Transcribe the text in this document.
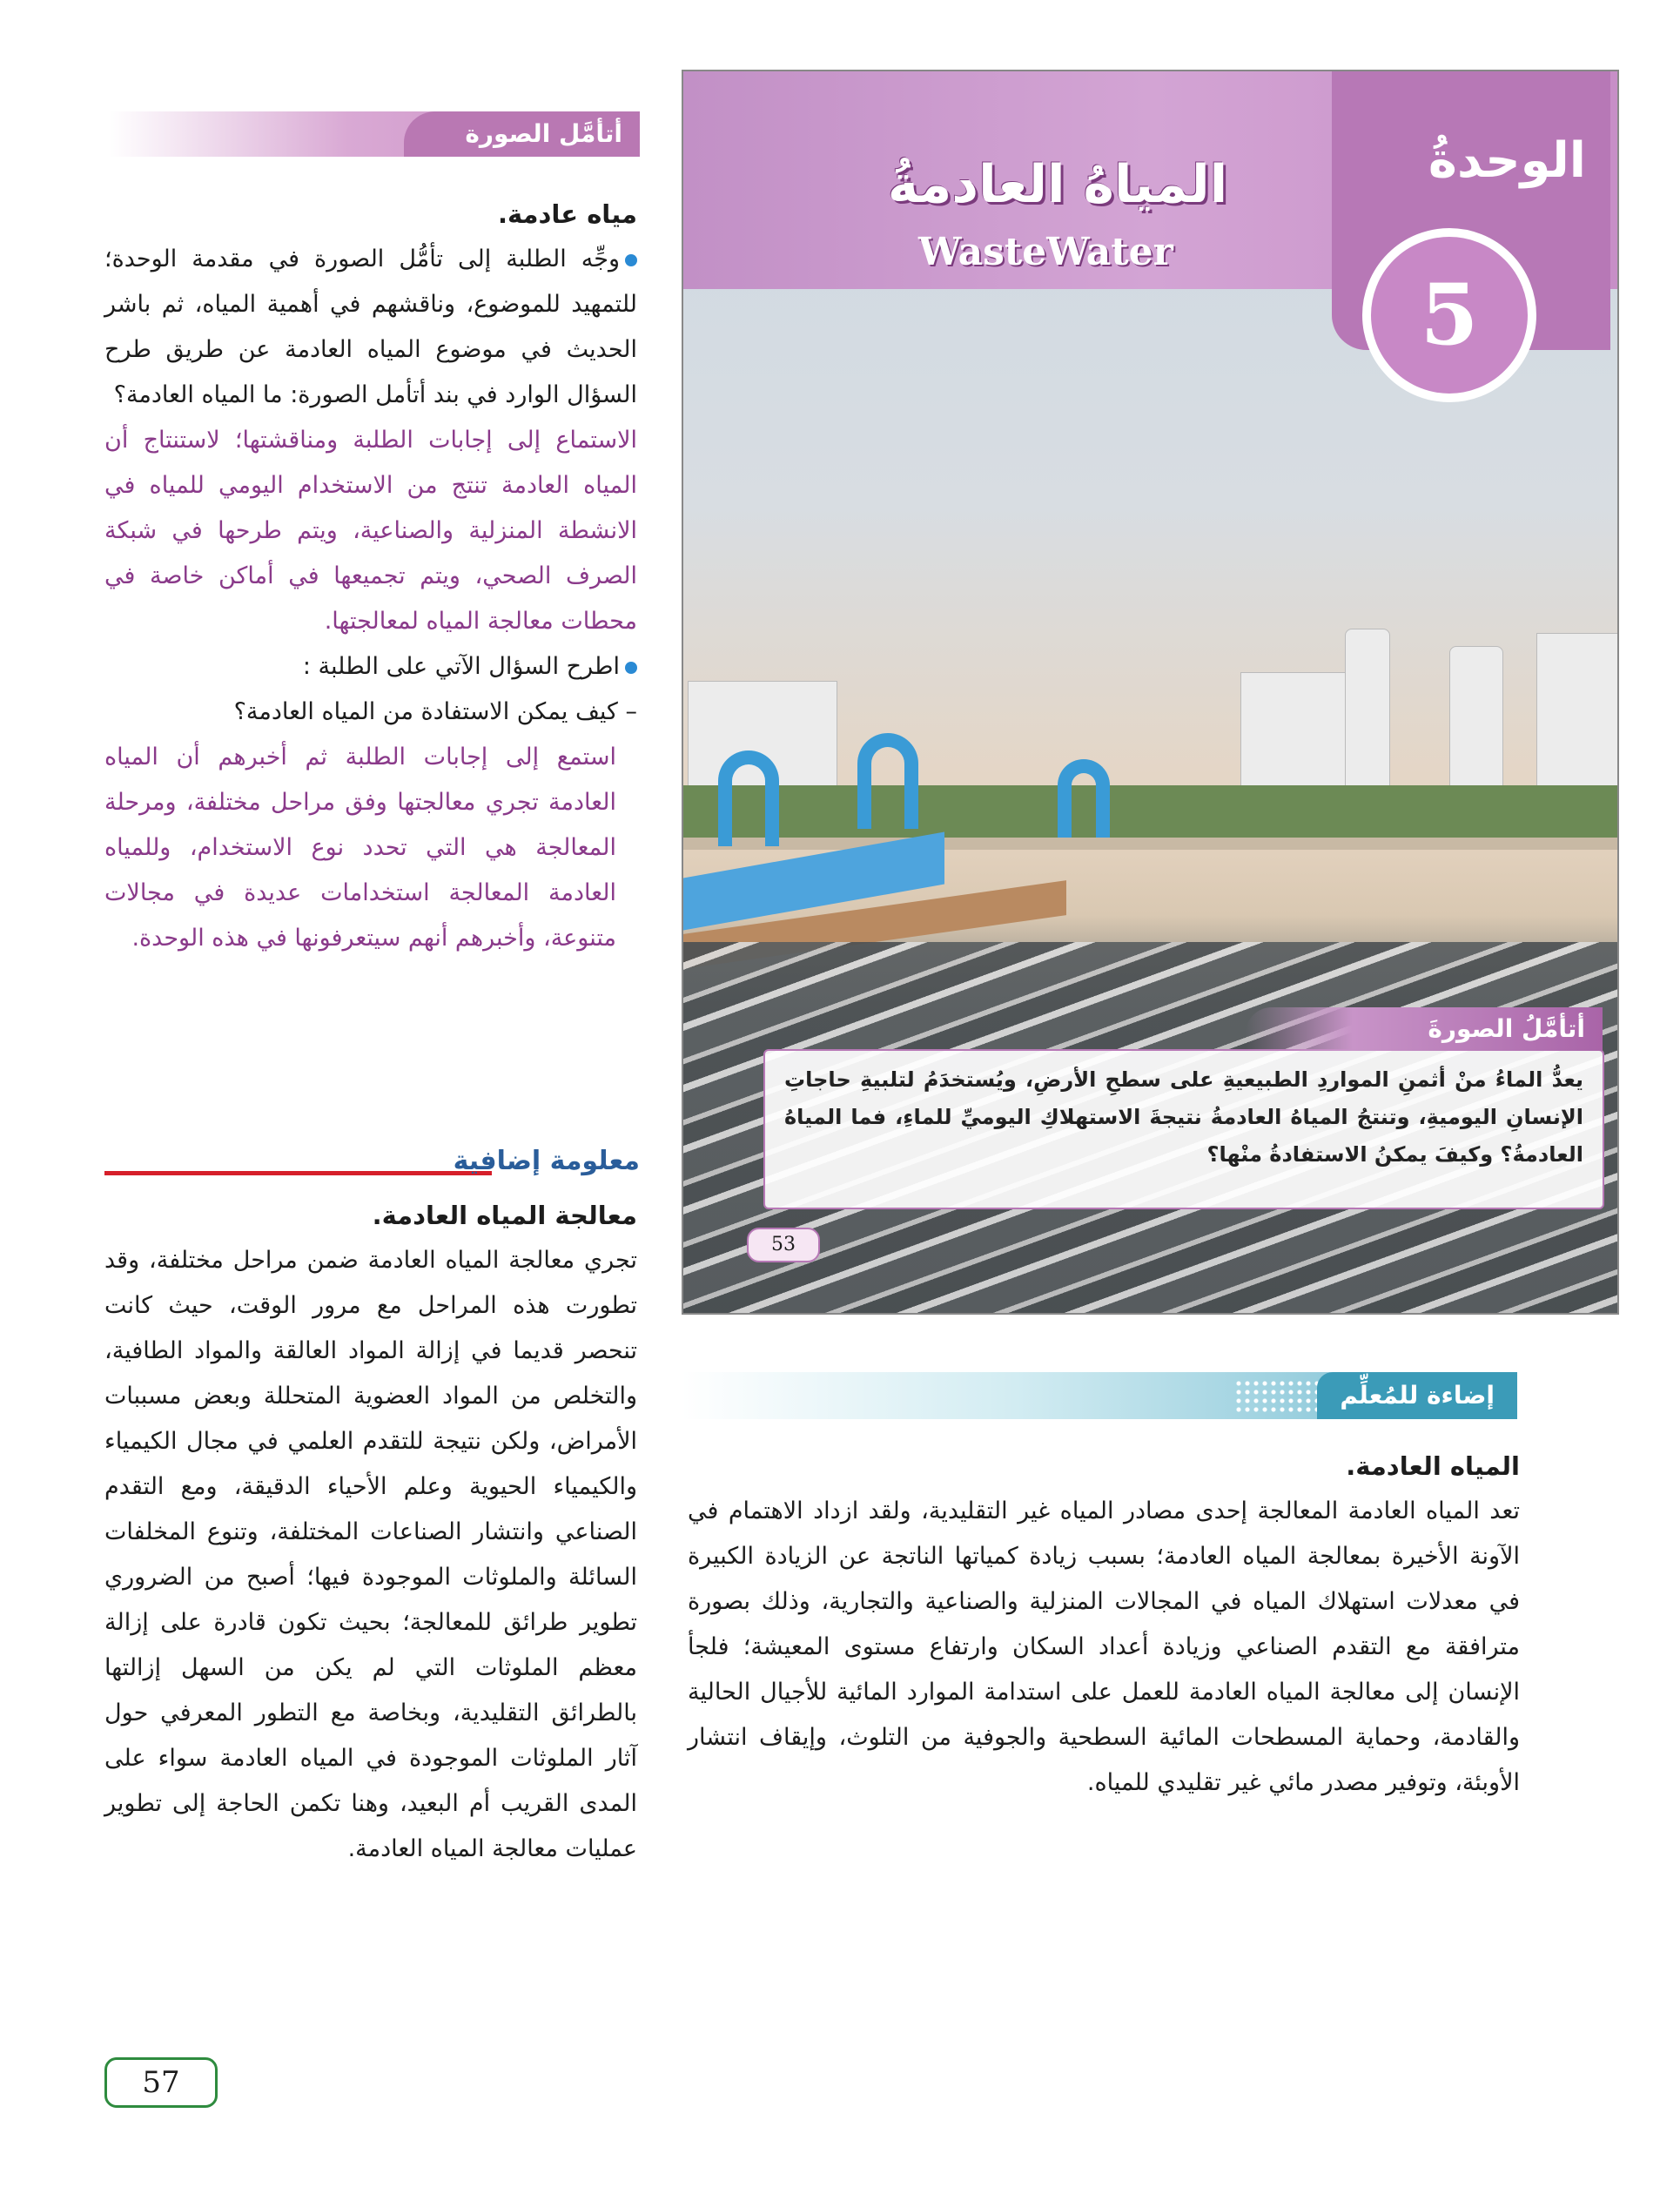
أتأمَّل الصورة
مياه عادمة.
وجِّه الطلبة إلى تأمُّل الصورة في مقدمة الوحدة؛ للتمهيد للموضوع، وناقشهم في أهمية المياه، ثم باشر الحديث في موضوع المياه العادمة عن طريق طرح السؤال الوارد في بند أتأمل الصورة: ما المياه العادمة؟
الاستماع إلى إجابات الطلبة ومناقشتها؛ لاستنتاج أن المياه العادمة تنتج من الاستخدام اليومي للمياه في الانشطة المنزلية والصناعية، ويتم طرحها في شبكة الصرف الصحي، ويتم تجميعها في أماكن خاصة في محطات معالجة المياه لمعالجتها.
اطرح السؤال الآتي على الطلبة :
– كيف يمكن الاستفادة من المياه العادمة؟
استمع إلى إجابات الطلبة ثم أخبرهم أن المياه العادمة تجري معالجتها وفق مراحل مختلفة، ومرحلة المعالجة هي التي تحدد نوع الاستخدام، وللمياه العادمة المعالجة استخدامات عديدة في مجالات متنوعة، وأخبرهم أنهم سيتعرفونها في هذه الوحدة.
معلومة إضافية
معالجة المياه العادمة.
تجري معالجة المياه العادمة ضمن مراحل مختلفة، وقد تطورت هذه المراحل مع مرور الوقت، حيث كانت تنحصر قديما في إزالة المواد العالقة والمواد الطافية، والتخلص من المواد العضوية المتحللة وبعض مسببات الأمراض، ولكن نتيجة للتقدم العلمي في مجال الكيمياء والكيمياء الحيوية وعلم الأحياء الدقيقة، ومع التقدم الصناعي وانتشار الصناعات المختلفة، وتنوع المخلفات السائلة والملوثات الموجودة فيها؛ أصبح من الضروري تطوير طرائق للمعالجة؛ بحيث تكون قادرة على إزالة معظم الملوثات التي لم يكن من السهل إزالتها بالطرائق التقليدية، وبخاصة مع التطور المعرفي حول آثار الملوثات الموجودة في المياه العادمة سواء على المدى القريب أم البعيد، وهنا تكمن الحاجة إلى تطوير عمليات معالجة المياه العادمة.
57
المياهُ العادمةُ
WasteWater
الوحدةُ
5
أتأمَّلُ الصورةَ
يعدُّ الماءُ منْ أثمنِ المواردِ الطبيعيةِ على سطحِ الأرضِ، ويُستخدَمُ لتلبيةِ حاجاتِ الإنسانِ اليوميةِ، وتنتجُ المياهُ العادمةُ نتيجةَ الاستهلاكِ اليوميِّ للماءِ، فما المياهُ العادمةُ؟ وكيفَ يمكنُ الاستفادةُ منْها؟
53
إضاءة للمُعلِّم
المياه العادمة.
تعد المياه العادمة المعالجة إحدى مصادر المياه غير التقليدية، ولقد ازداد الاهتمام في الآونة الأخيرة بمعالجة المياه العادمة؛ بسبب زيادة كمياتها الناتجة عن الزيادة الكبيرة في معدلات استهلاك المياه في المجالات المنزلية والصناعية والتجارية، وذلك بصورة مترافقة مع التقدم الصناعي وزيادة أعداد السكان وارتفاع مستوى المعيشة؛ فلجأ الإنسان إلى معالجة المياه العادمة للعمل على استدامة الموارد المائية للأجيال الحالية والقادمة، وحماية المسطحات المائية السطحية والجوفية من التلوث، وإيقاف انتشار الأوبئة، وتوفير مصدر مائي غير تقليدي للمياه.
